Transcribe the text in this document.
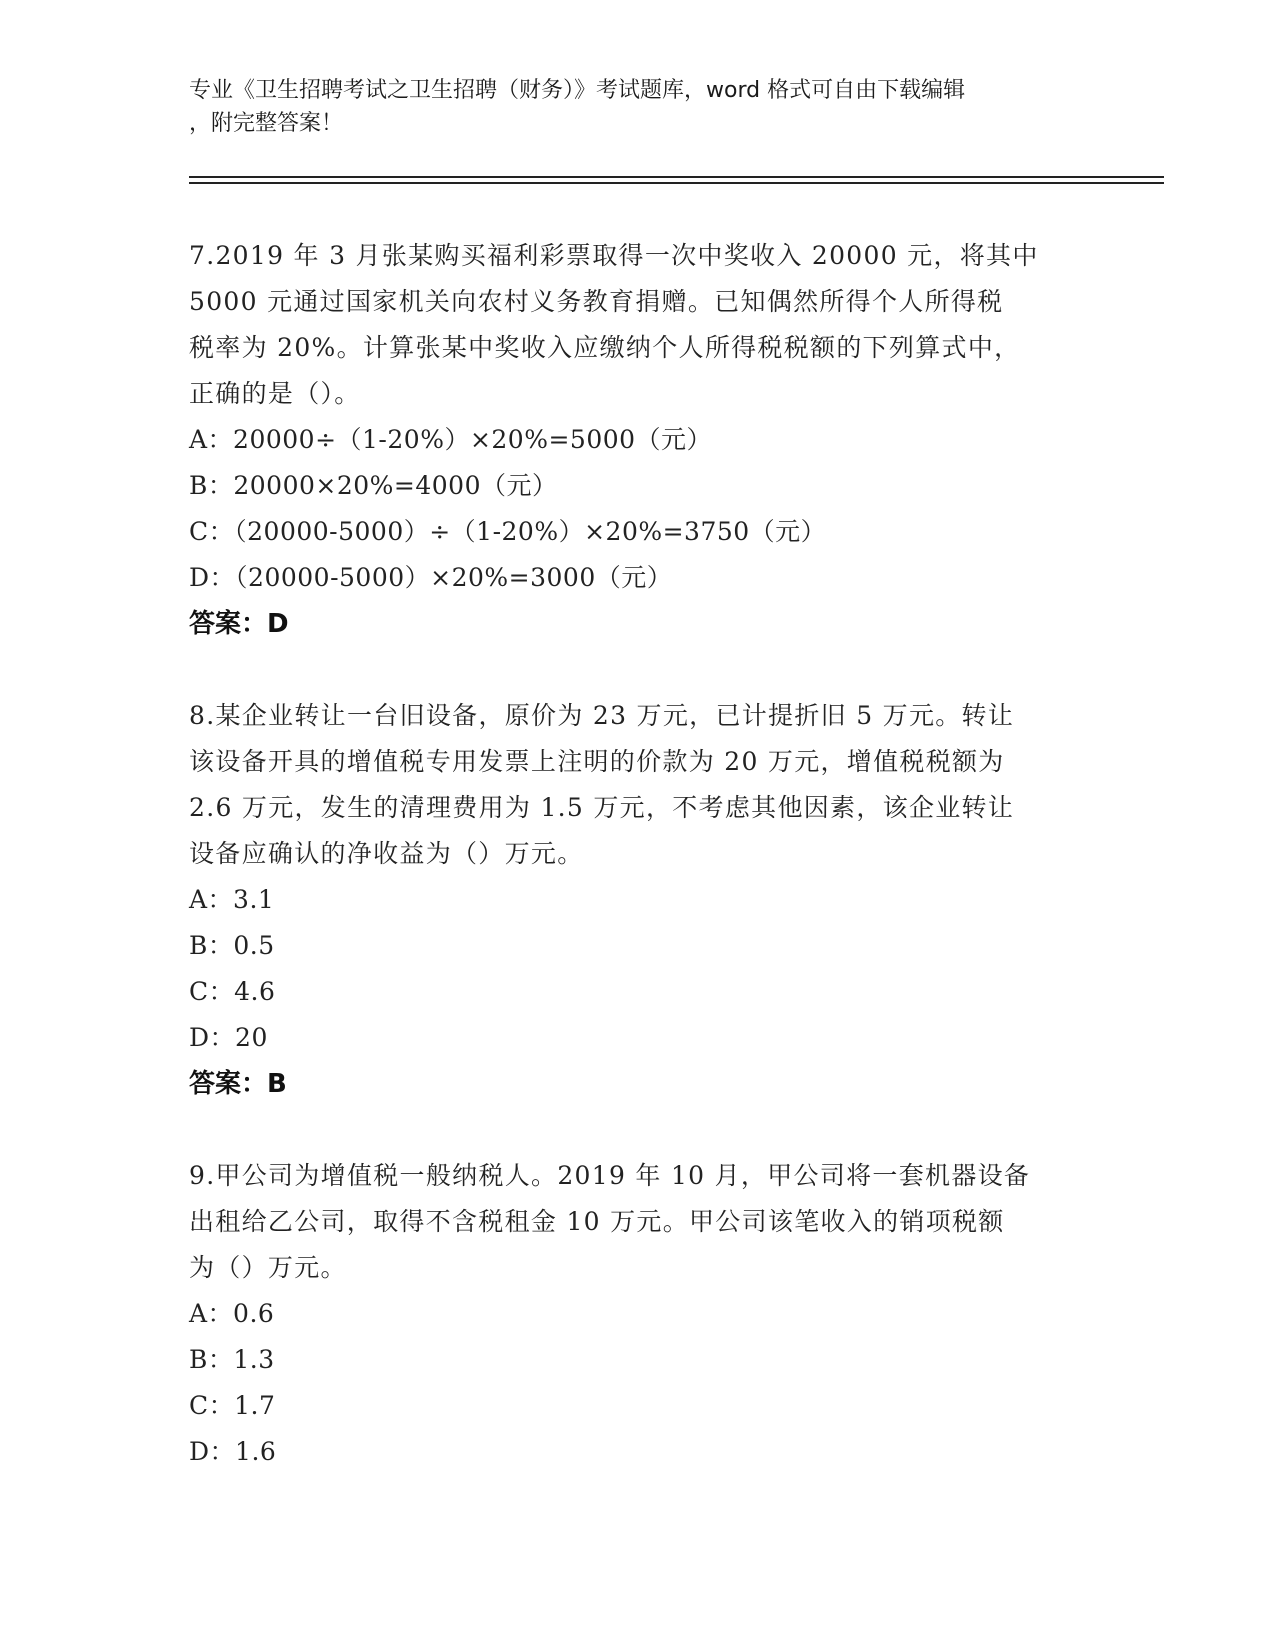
专业《卫生招聘考试之卫生招聘（财务）》考试题库，word 格式可自由下载编辑

，附完整答案！

7.2019 年 3 月张某购买福利彩票取得一次中奖收入 20000 元，将其中
5000 元通过国家机关向农村义务教育捐赠。已知偶然所得个人所得税
税率为 20%。计算张某中奖收入应缴纳个人所得税税额的下列算式中，
正确的是（）。

A：20000÷（1-20%）×20%=5000（元）
B：20000×20%=4000（元）
C：（20000-5000）÷（1-20%）×20%=3750（元）
D：（20000-5000）×20%=3000（元）

答案：D

8.某企业转让一台旧设备，原价为 23 万元，已计提折旧 5 万元。转让
该设备开具的增值税专用发票上注明的价款为 20 万元，增值税税额为
2.6 万元，发生的清理费用为 1.5 万元，不考虑其他因素，该企业转让
设备应确认的净收益为（）万元。

A：3.1
B：0.5
C：4.6
D：20

答案：B

9.甲公司为增值税一般纳税人。2019 年 10 月，甲公司将一套机器设备
出租给乙公司，取得不含税租金 10 万元。甲公司该笔收入的销项税额
为（）万元。

A：0.6
B：1.3
C：1.7
D：1.6
